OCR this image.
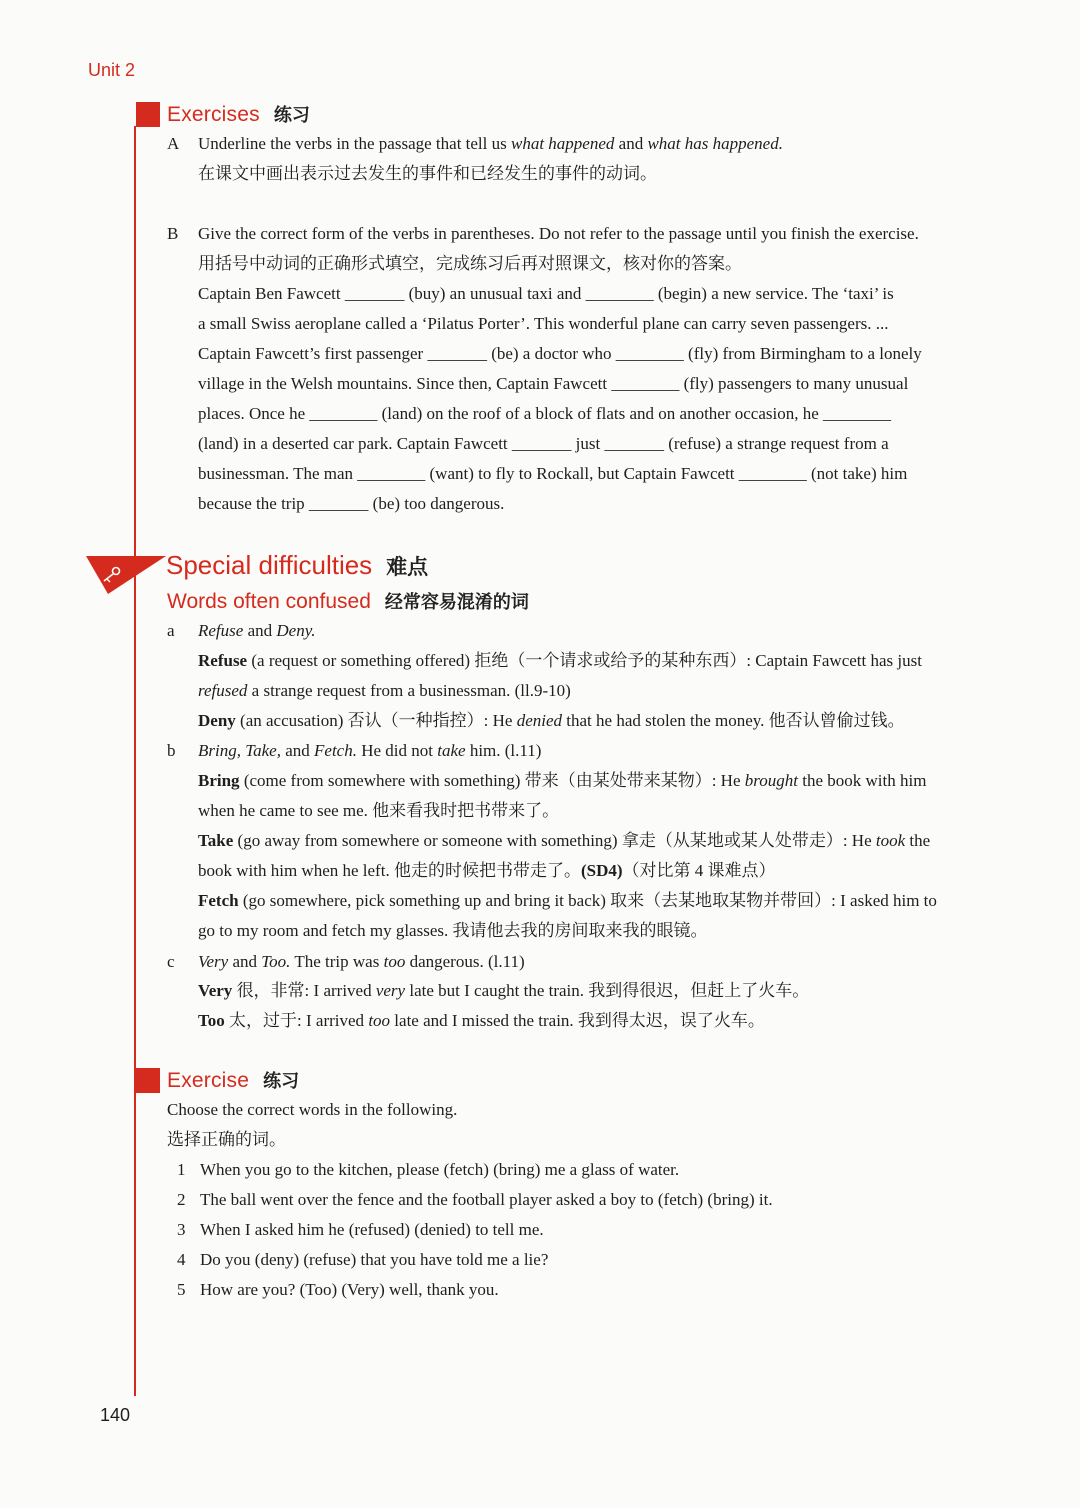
Unit 2
Exercises 练习
A Underline the verbs in the passage that tell us what happened and what has happened.
在课文中画出表示过去发生的事件和已经发生的事件的动词。
B Give the correct form of the verbs in parentheses. Do not refer to the passage until you finish the exercise.
用括号中动词的正确形式填空，完成练习后再对照课文，核对你的答案。
Captain Ben Fawcett _______ (buy) an unusual taxi and ________ (begin) a new service. The ‘taxi’ is
a small Swiss aeroplane called a ‘Pilatus Porter’. This wonderful plane can carry seven passengers. ...
Captain Fawcett’s first passenger _______ (be) a doctor who ________ (fly) from Birmingham to a lonely
village in the Welsh mountains. Since then, Captain Fawcett ________ (fly) passengers to many unusual
places. Once he ________ (land) on the roof of a block of flats and on another occasion, he ________
(land) in a deserted car park. Captain Fawcett _______ just _______ (refuse) a strange request from a
businessman. The man ________ (want) to fly to Rockall, but Captain Fawcett ________ (not take) him
because the trip _______ (be) too dangerous.
Special difficulties 难点
Words often confused 经常容易混淆的词
a Refuse and Deny.
Refuse (a request or something offered) 拒绝（一个请求或给予的某种东西）: Captain Fawcett has just
refused a strange request from a businessman. (ll.9-10)
Deny (an accusation) 否认（一种指控）: He denied that he had stolen the money. 他否认曾偷过钱。
b Bring, Take, and Fetch. He did not take him. (l.11)
Bring (come from somewhere with something) 带来（由某处带来某物）: He brought the book with him
when he came to see me. 他来看我时把书带来了。
Take (go away from somewhere or someone with something) 拿走（从某地或某人处带走）: He took the
book with him when he left. 他走的时候把书带走了。(SD4)（对比第 4 课难点）
Fetch (go somewhere, pick something up and bring it back) 取来（去某地取某物并带回）: I asked him to
go to my room and fetch my glasses. 我请他去我的房间取来我的眼镜。
c Very and Too. The trip was too dangerous. (l.11)
Very 很，非常: I arrived very late but I caught the train. 我到得很迟，但赶上了火车。
Too 太，过于: I arrived too late and I missed the train. 我到得太迟，误了火车。
Exercise 练习
Choose the correct words in the following.
选择正确的词。
1 When you go to the kitchen, please (fetch) (bring) me a glass of water.
2 The ball went over the fence and the football player asked a boy to (fetch) (bring) it.
3 When I asked him he (refused) (denied) to tell me.
4 Do you (deny) (refuse) that you have told me a lie?
5 How are you? (Too) (Very) well, thank you.
140
